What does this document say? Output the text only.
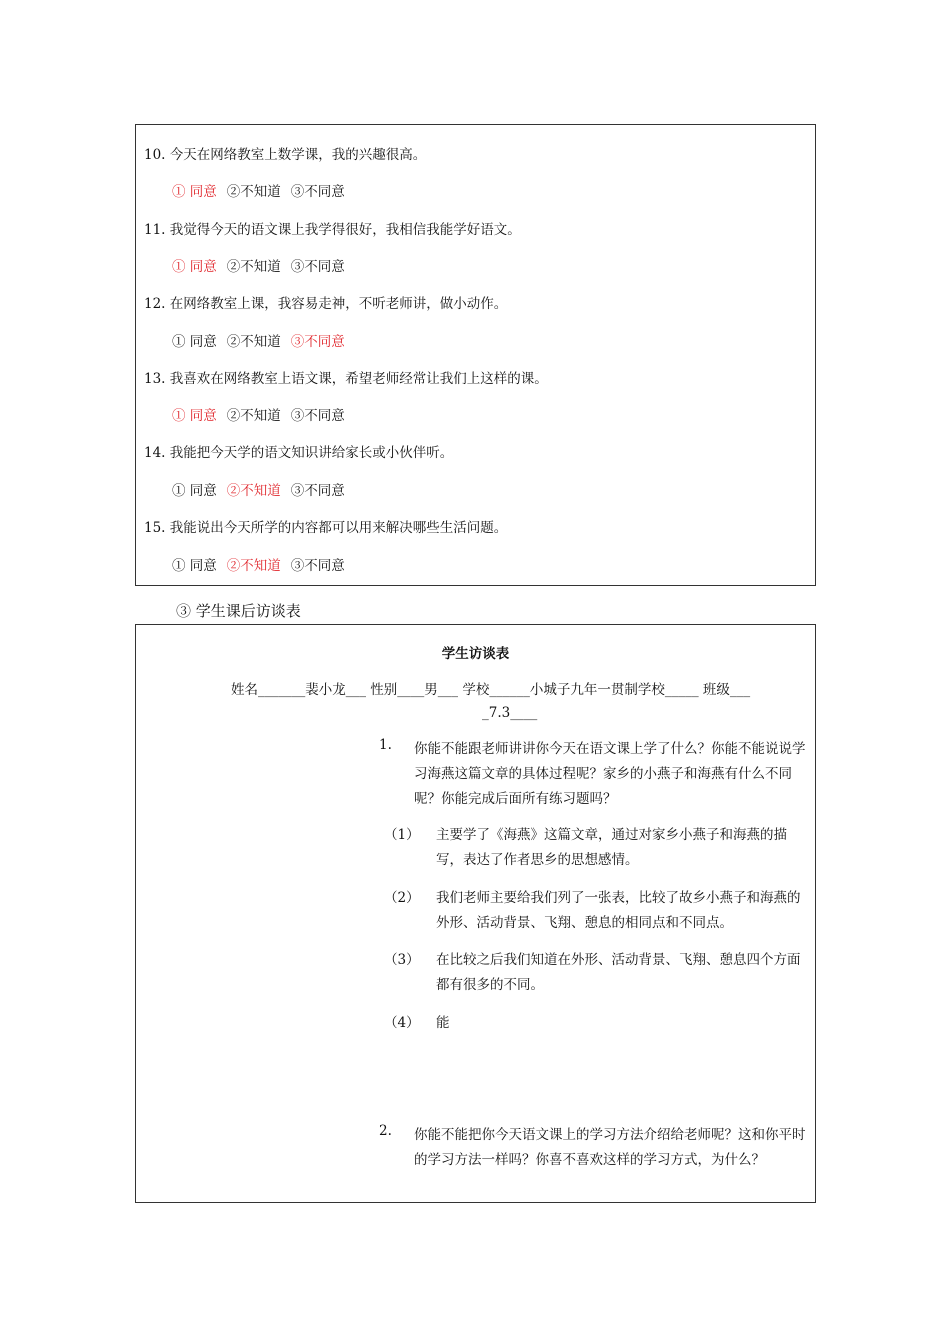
10. 今天在网络教室上数学课，我的兴趣很高。
① 同意 ②不知道 ③不同意
11. 我觉得今天的语文课上我学得很好，我相信我能学好语文。
① 同意 ②不知道 ③不同意
12. 在网络教室上课，我容易走神，不听老师讲，做小动作。
① 同意 ②不知道 ③不同意
13. 我喜欢在网络教室上语文课，希望老师经常让我们上这样的课。
① 同意 ②不知道 ③不同意
14. 我能把今天学的语文知识讲给家长或小伙伴听。
① 同意 ②不知道 ③不同意
15. 我能说出今天所学的内容都可以用来解决哪些生活问题。
① 同意 ②不知道 ③不同意
③ 学生课后访谈表
学生访谈表
姓名_______裴小龙___ 性别____男___ 学校______小城子九年一贯制学校_____ 班级___
_7.3____
1. 你能不能跟老师讲讲你今天在语文课上学了什么？你能不能说说学习海燕这篇文章的具体过程呢？家乡的小燕子和海燕有什么不同呢？你能完成后面所有练习题吗？
（1） 主要学了《海燕》这篇文章，通过对家乡小燕子和海燕的描写，表达了作者思乡的思想感情。
（2） 我们老师主要给我们列了一张表，比较了故乡小燕子和海燕的外形、活动背景、飞翔、憩息的相同点和不同点。
（3） 在比较之后我们知道在外形、活动背景、飞翔、憩息四个方面都有很多的不同。
（4） 能
2. 你能不能把你今天语文课上的学习方法介绍给老师呢？这和你平时的学习方法一样吗？你喜不喜欢这样的学习方式，为什么？
